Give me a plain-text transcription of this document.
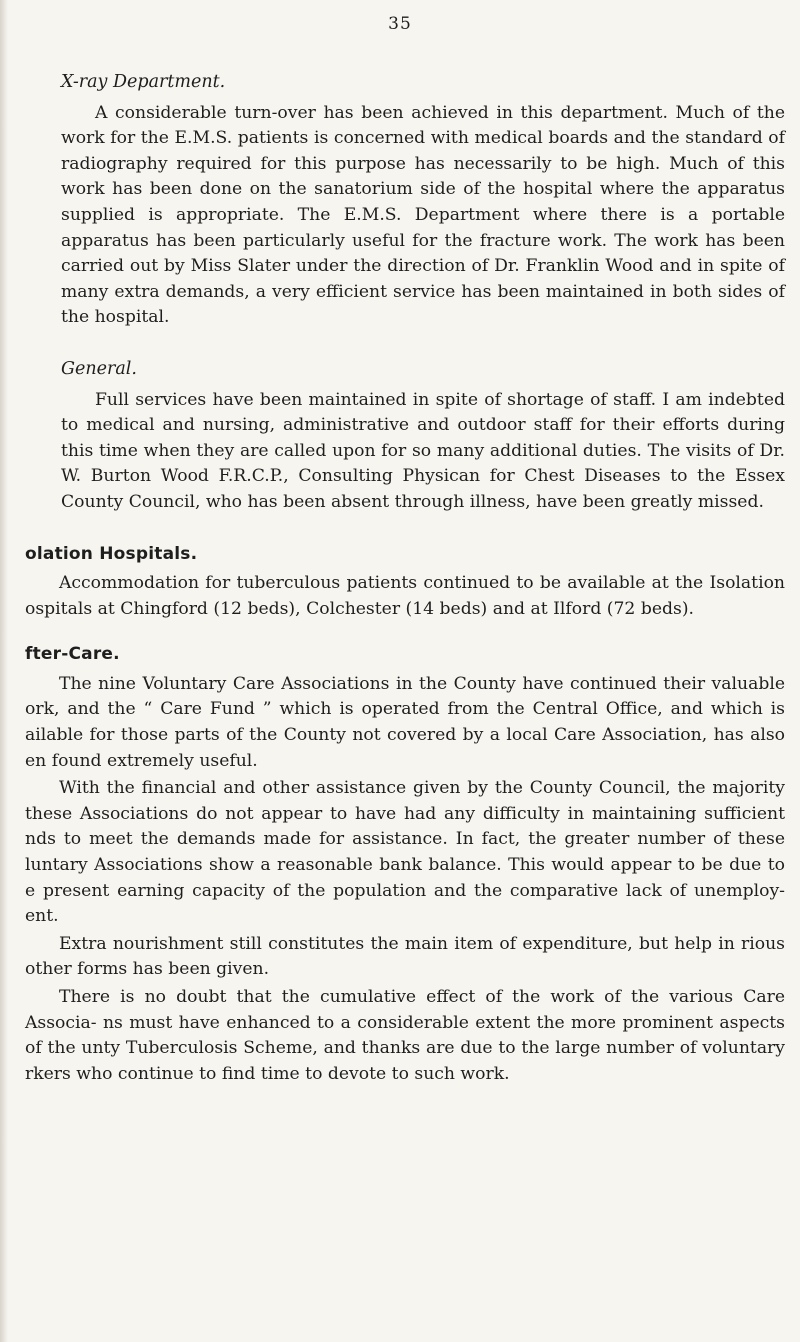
35
X-ray Department.

A considerable turn-over has been achieved in this department. Much of the work for the E.M.S. patients is concerned with medical boards and the standard of radiography required for this purpose has necessarily to be high. Much of this work has been done on the sanatorium side of the hospital where the apparatus supplied is appropriate. The E.M.S. Department where there is a portable apparatus has been particularly useful for the fracture work. The work has been carried out by Miss Slater under the direction of Dr. Franklin Wood and in spite of many extra demands, a very efficient service has been maintained in both sides of the hospital.

General.

Full services have been maintained in spite of shortage of staff. I am indebted to medical and nursing, administrative and outdoor staff for their efforts during this time when they are called upon for so many additional duties. The visits of Dr. W. Burton Wood F.R.C.P., Consulting Physican for Chest Diseases to the Essex County Council, who has been absent through illness, have been greatly missed.

olation Hospitals.

Accommodation for tuberculous patients continued to be available at the Isolation ospitals at Chingford (12 beds), Colchester (14 beds) and at Ilford (72 beds).

fter-Care.

The nine Voluntary Care Associations in the County have continued their valuable ork, and the “ Care Fund ” which is operated from the Central Office, and which is ailable for those parts of the County not covered by a local Care Association, has also en found extremely useful.

With the financial and other assistance given by the County Council, the majority these Associations do not appear to have had any difficulty in maintaining sufficient nds to meet the demands made for assistance. In fact, the greater number of these luntary Associations show a reasonable bank balance. This would appear to be due to e present earning capacity of the population and the comparative lack of unemploy- ent.

Extra nourishment still constitutes the main item of expenditure, but help in rious other forms has been given.

There is no doubt that the cumulative effect of the work of the various Care Associa- ns must have enhanced to a considerable extent the more prominent aspects of the unty Tuberculosis Scheme, and thanks are due to the large number of voluntary rkers who continue to find time to devote to such work.
